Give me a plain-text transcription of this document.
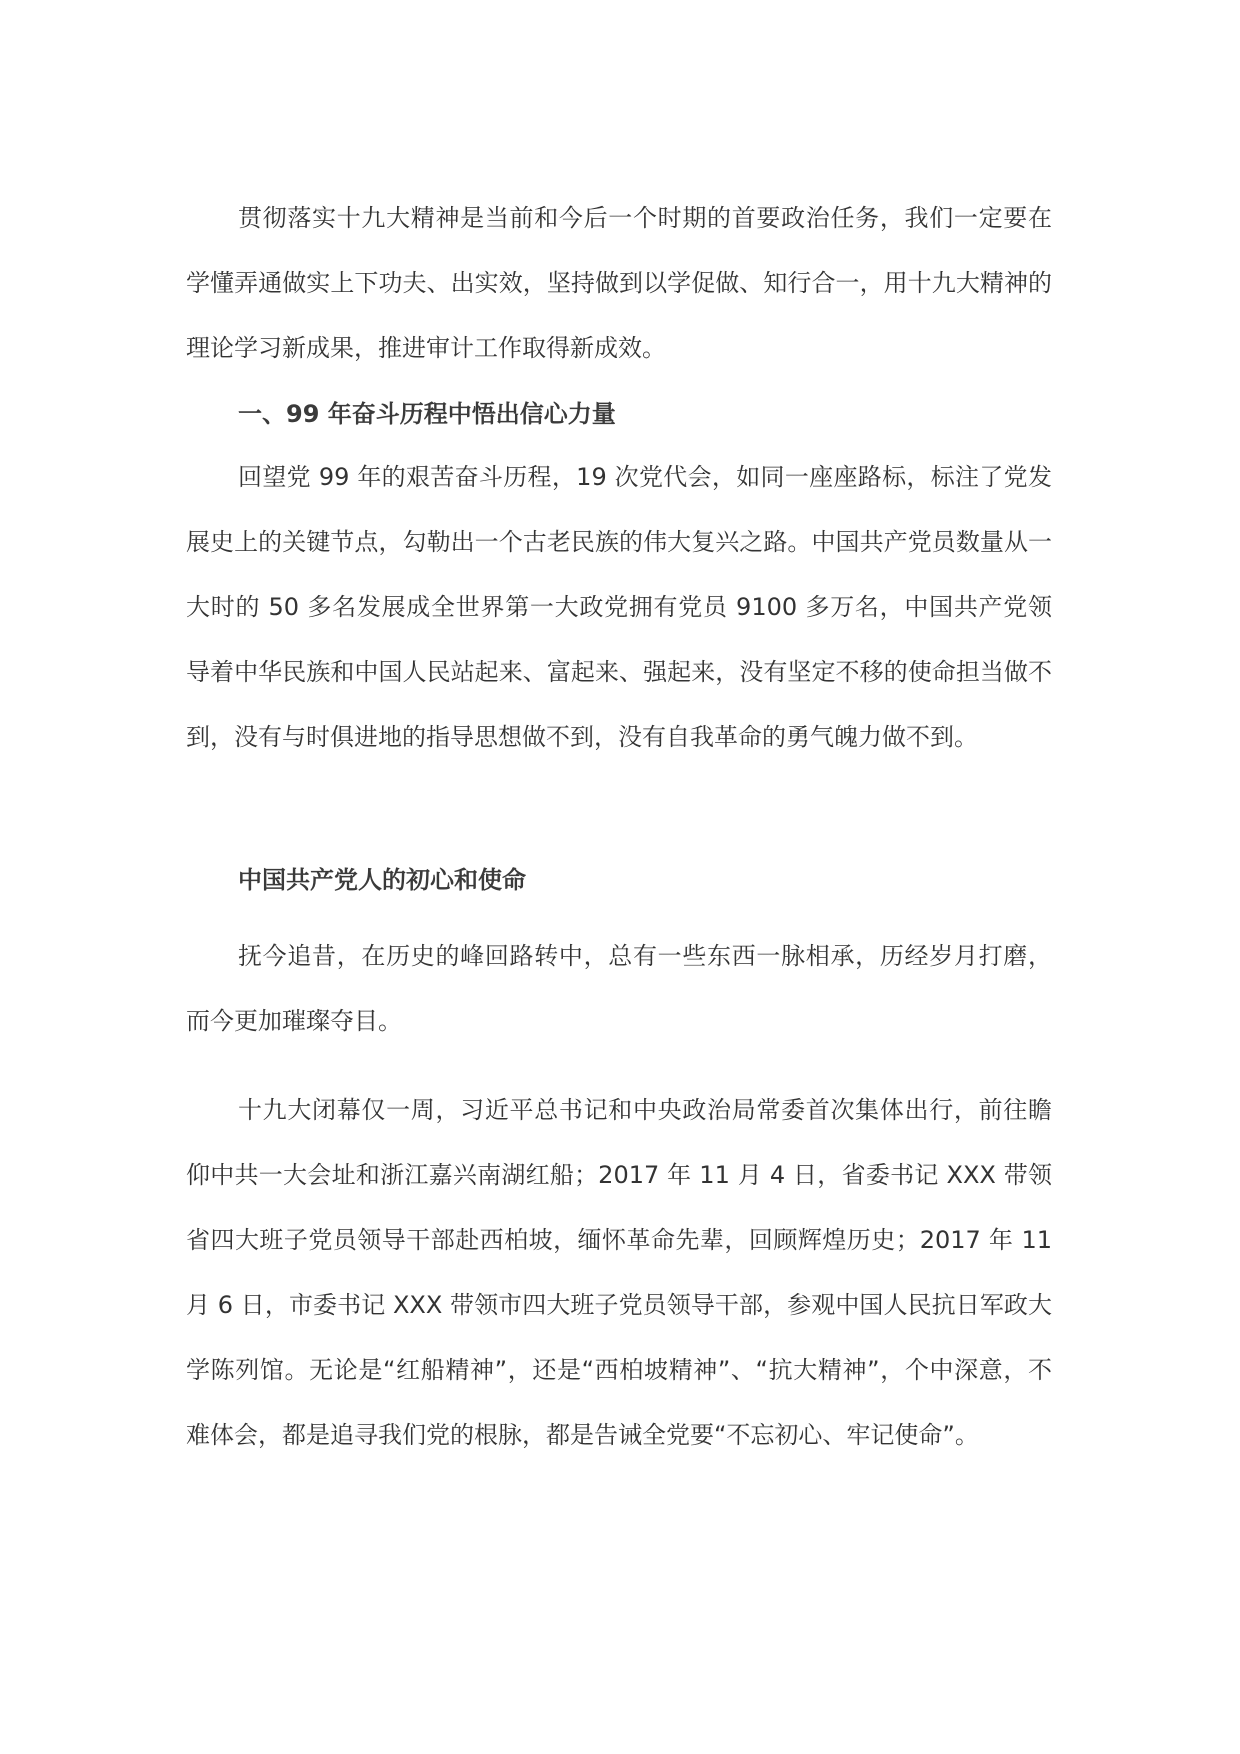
贯彻落实十九大精神是当前和今后一个时期的首要政治任务，我们一定要在学懂弄通做实上下功夫、出实效，坚持做到以学促做、知行合一，用十九大精神的理论学习新成果，推进审计工作取得新成效。

一、99 年奋斗历程中悟出信心力量

回望党 99 年的艰苦奋斗历程，19 次党代会，如同一座座路标，标注了党发展史上的关键节点，勾勒出一个古老民族的伟大复兴之路。中国共产党员数量从一大时的 50 多名发展成全世界第一大政党拥有党员 9100 多万名，中国共产党领导着中华民族和中国人民站起来、富起来、强起来，没有坚定不移的使命担当做不到，没有与时俱进地的指导思想做不到，没有自我革命的勇气魄力做不到。

中国共产党人的初心和使命

抚今追昔，在历史的峰回路转中，总有一些东西一脉相承，历经岁月打磨，而今更加璀璨夺目。

十九大闭幕仅一周，习近平总书记和中央政治局常委首次集体出行，前往瞻仰中共一大会址和浙江嘉兴南湖红船；2017 年 11 月 4 日，省委书记 XXX 带领省四大班子党员领导干部赴西柏坡，缅怀革命先辈，回顾辉煌历史；2017 年 11 月 6 日，市委书记 XXX 带领市四大班子党员领导干部，参观中国人民抗日军政大学陈列馆。无论是“红船精神”，还是“西柏坡精神”、“抗大精神”，个中深意，不难体会，都是追寻我们党的根脉，都是告诫全党要“不忘初心、牢记使命”。
